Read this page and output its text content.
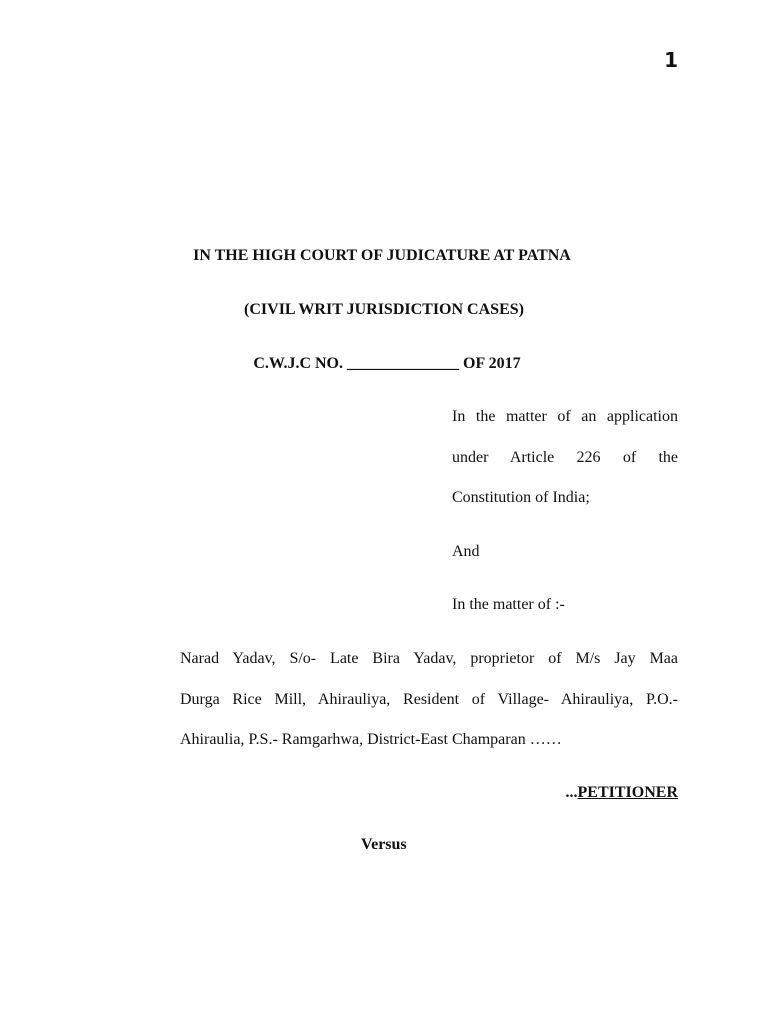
1
IN THE HIGH COURT OF JUDICATURE AT PATNA
(CIVIL WRIT JURISDICTION CASES)
C.W.J.C NO. ______________ OF 2017
In the matter of an application
under Article 226 of the
Constitution of India;
And
In the matter of :-
Narad Yadav, S/o- Late Bira Yadav, proprietor of M/s Jay Maa
Durga Rice Mill, Ahirauliya, Resident of Village- Ahirauliya, P.O.-
Ahiraulia, P.S.- Ramgarhwa, District-East Champaran ……
...PETITIONER
Versus
